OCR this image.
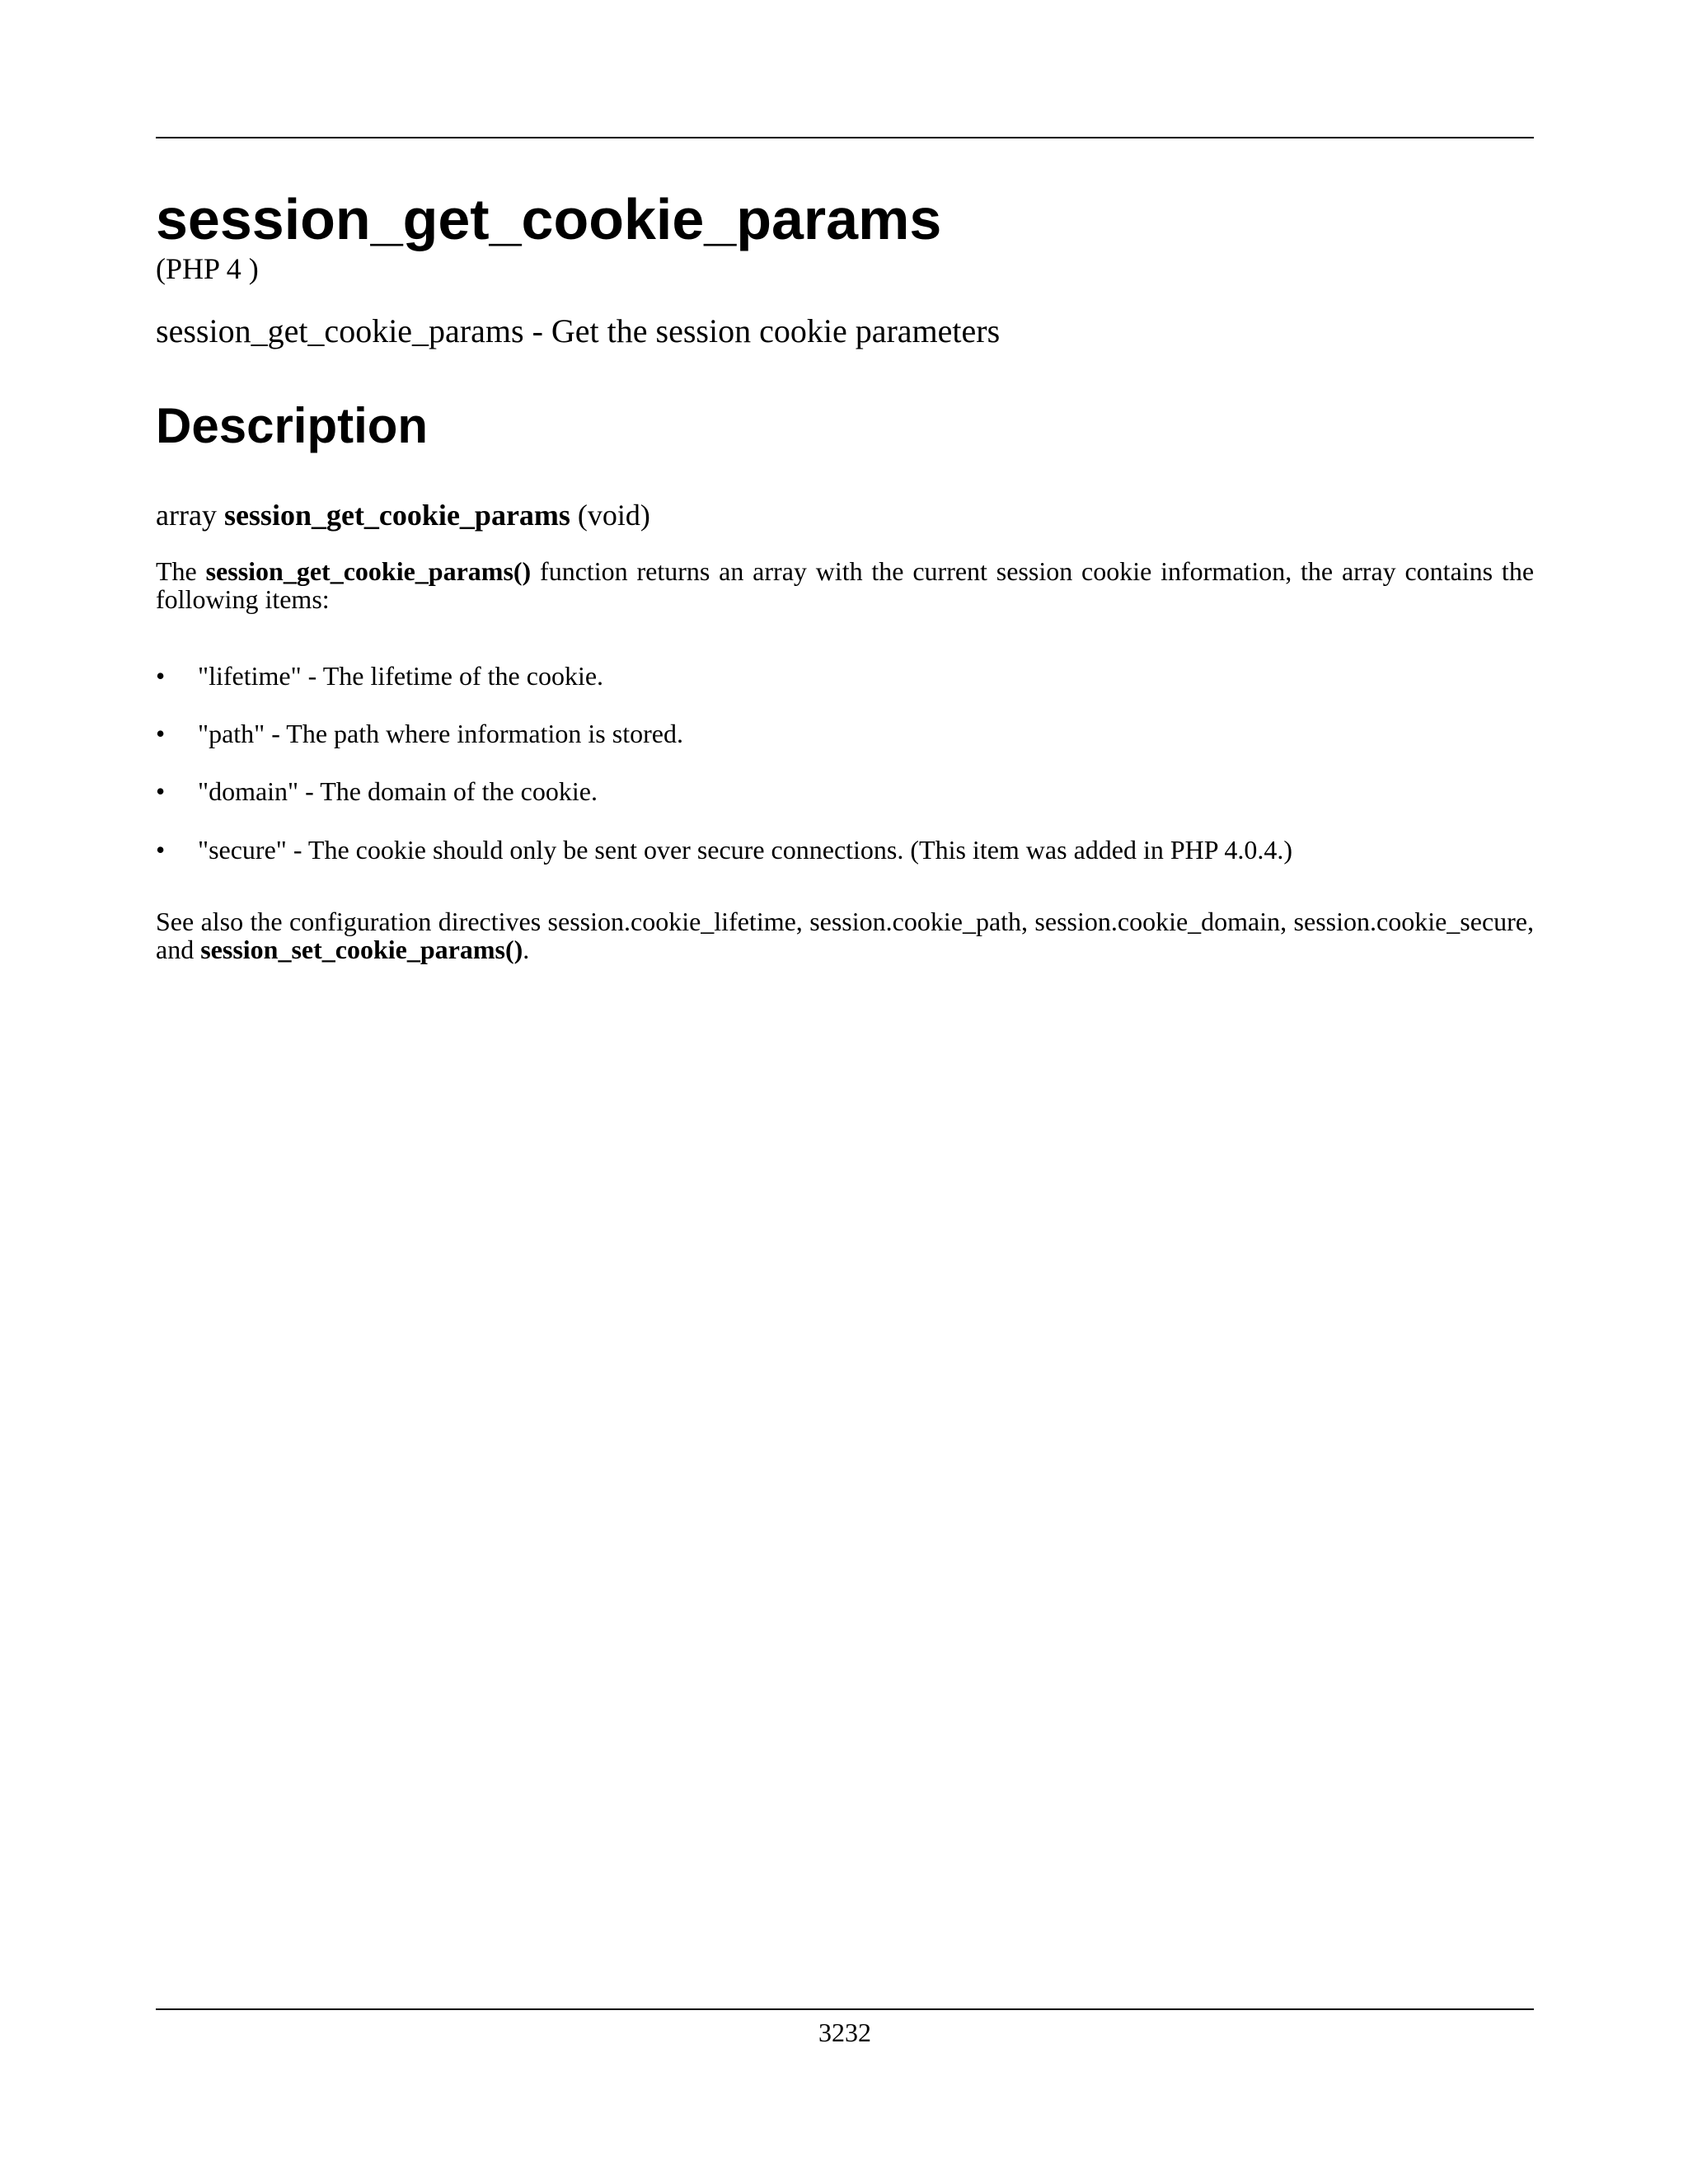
session_get_cookie_params
(PHP 4 )
session_get_cookie_params - Get the session cookie parameters
Description
array session_get_cookie_params (void)

The session_get_cookie_params() function returns an array with the current session cookie information, the array contains the following items:

• "lifetime" - The lifetime of the cookie.
• "path" - The path where information is stored.
• "domain" - The domain of the cookie.
• "secure" - The cookie should only be sent over secure connections. (This item was added in PHP 4.0.4.)

See also the configuration directives session.cookie_lifetime, session.cookie_path, session.cookie_domain, session.cookie_secure, and session_set_cookie_params().

3232
